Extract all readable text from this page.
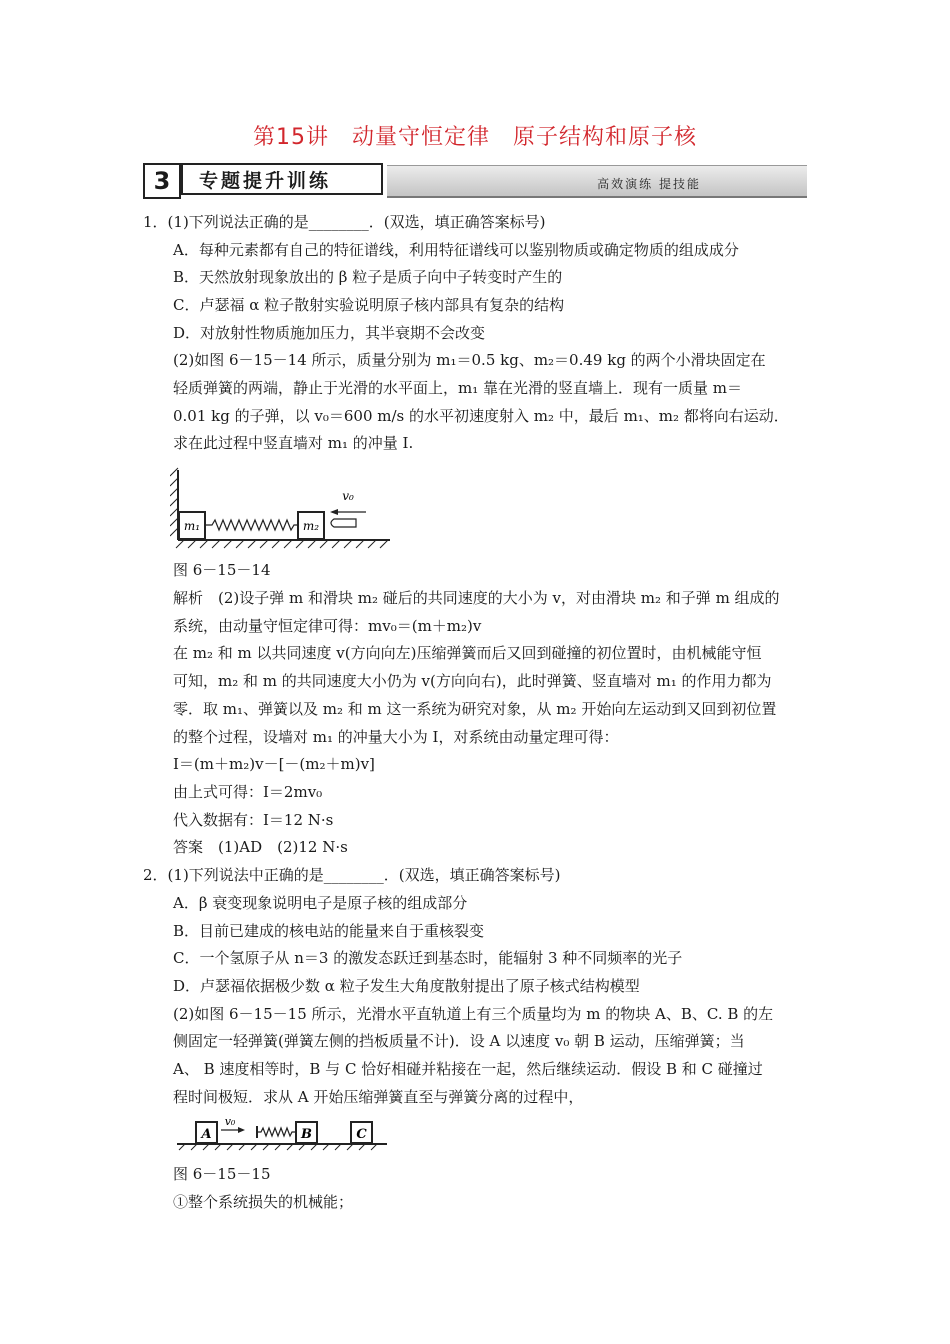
第15讲　动量守恒定律　原子结构和原子核
3	专题提升训练	高效演练 提技能
1．(1)下列说法正确的是________．(双选，填正确答案标号)
A．每种元素都有自己的特征谱线，利用特征谱线可以鉴别物质或确定物质的组成成分
B．天然放射现象放出的 β 粒子是质子向中子转变时产生的
C．卢瑟福 α 粒子散射实验说明原子核内部具有复杂的结构
D．对放射性物质施加压力，其半衰期不会改变
(2)如图 6－15－14 所示，质量分别为 m₁＝0.5 kg、m₂＝0.49 kg 的两个小滑块固定在
轻质弹簧的两端，静止于光滑的水平面上，m₁ 靠在光滑的竖直墙上．现有一质量 m＝
0.01 kg 的子弹，以 v₀＝600 m/s 的水平初速度射入 m₂ 中，最后 m₁、m₂ 都将向右运动．
求在此过程中竖直墙对 m₁ 的冲量 I.
m₁	m₂
v₀
图 6－15－14
解析　(2)设子弹 m 和滑块 m₂ 碰后的共同速度的大小为 v，对由滑块 m₂ 和子弹 m 组成的
系统，由动量守恒定律可得：mv₀＝(m＋m₂)v
在 m₂ 和 m 以共同速度 v(方向向左)压缩弹簧而后又回到碰撞的初位置时，由机械能守恒
可知，m₂ 和 m 的共同速度大小仍为 v(方向向右)，此时弹簧、竖直墙对 m₁ 的作用力都为
零．取 m₁、弹簧以及 m₂ 和 m 这一系统为研究对象，从 m₂ 开始向左运动到又回到初位置
的整个过程，设墙对 m₁ 的冲量大小为 I，对系统由动量定理可得：
I＝(m＋m₂)v－[－(m₂＋m)v]
由上式可得：I＝2mv₀
代入数据有：I＝12 N·s
答案　(1)AD　(2)12 N·s
2．(1)下列说法中正确的是________．(双选，填正确答案标号)
A．β 衰变现象说明电子是原子核的组成部分
B．目前已建成的核电站的能量来自于重核裂变
C．一个氢原子从 n＝3 的激发态跃迁到基态时，能辐射 3 种不同频率的光子
D．卢瑟福依据极少数 α 粒子发生大角度散射提出了原子核式结构模型
(2)如图 6－15－15 所示，光滑水平直轨道上有三个质量均为 m 的物块 A、B、C. B 的左
侧固定一轻弹簧(弹簧左侧的挡板质量不计)．设 A 以速度 v₀ 朝 B 运动，压缩弹簧；当
A、 B 速度相等时，B 与 C 恰好相碰并粘接在一起，然后继续运动．假设 B 和 C 碰撞过
程时间极短．求从 A 开始压缩弹簧直至与弹簧分离的过程中，
A
v₀
B	C
图 6－15－15
①整个系统损失的机械能；
